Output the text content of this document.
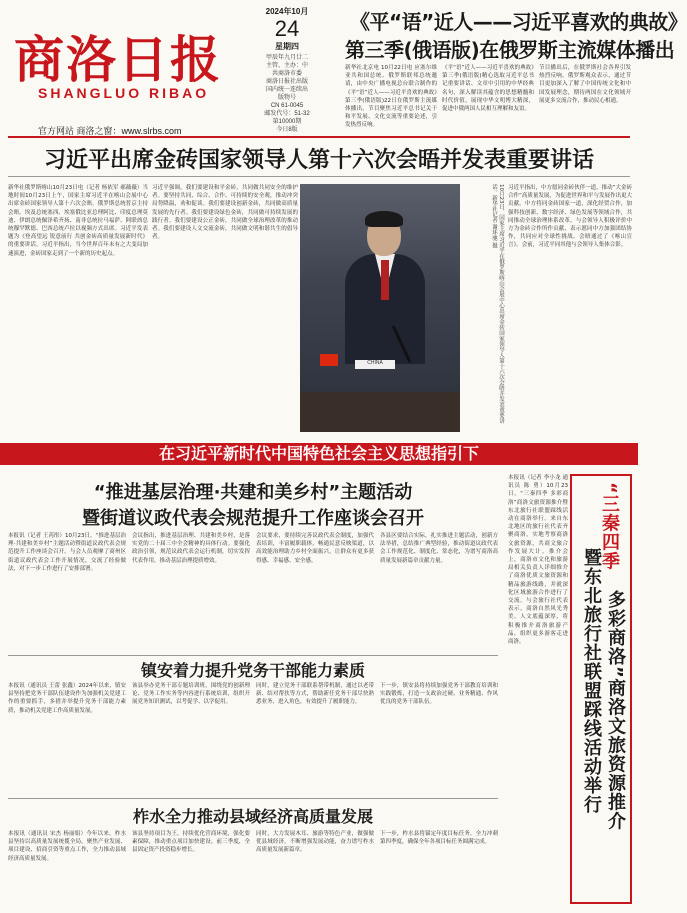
商洛日报
SHANGLUO RIBAO
官方网站 商洛之窗：www.slrbs.com
2024年10月
24
星期四
甲辰年九月廿二
主管、主办：中共商洛市委
商洛日报社出版
国内统一连续出版物号
CN 61-0045
邮发代号：51-32
第10000期
今日8版
《平“语”近人——习近平喜欢的典故》
第三季(俄语版)在俄罗斯主流媒体播出
新华社北京电 10月22日电 应塞尔维亚共和国总统、俄罗斯联邦总统邀请，由中央广播电视总台联合制作的《平“语”近人——习近平喜欢的典故》第三季(俄语版)22日在俄罗斯主流媒体播出，节目聚焦习近平总书记关于和平发展、文化交流等重要论述，引发热烈反响。
《平“语”近人——习近平喜欢的典故》第三季(俄语版)精心选取习近平总书记重要讲话、文章中引用的中华经典名句，深入解读其蕴含的思想精髓和时代价值，展现中华文明博大精深，促进中俄两国人民相互理解和友谊。
节目播出后，在俄罗斯社会各界引发热烈反响。俄罗斯观众表示，通过节目更加深入了解了中国传统文化和中国发展理念，期待两国在文化领域开展更多交流合作，推动民心相通。
习近平出席金砖国家领导人第十六次会晤并发表重要讲话
新华社俄罗斯喀山10月23日电（记者 杨依军 郝薇薇）当地时间10月23日上午，国家主席习近平在喀山会展中心出席金砖国家领导人第十六次会晤。俄罗斯总统普京主持会晤。埃及总统塞西、埃塞俄比亚总理阿比、印度总理莫迪、伊朗总统佩泽希齐扬、南非总统拉马福萨、阿联酋总统穆罕默德、巴西总统卢拉以视频方式出席。习近平发表题为《登高望远 锐意前行 共创金砖高质量发展新时代》的重要讲话。习近平指出，当今世界百年未有之大变局加速演进，金砖国家走到了一个新的历史起点。
习近平强调，我们要建设和平金砖，共同做共同安全的维护者。要坚持共同、综合、合作、可持续的安全观，推动冲突局势降温，劝和促谈。我们要建设创新金砖，共同做高质量发展的先行者。我们要建设绿色金砖，共同做可持续发展的践行者。我们要建设公正金砖，共同做全球治理改革的推动者。我们要建设人文交流金砖，共同做文明和谐共生的倡导者。
CHINA	10月23日，国家主席习近平在俄罗斯喀山会展中心出席金砖国家领导人第十六次会晤并发表重要讲话。新华社记者 谢环驰 摄	习近平指出，中方愿同金砖伙伴一道，推动“大金砖合作”高质量发展，为促进世界和平与发展作出更大贡献。中方将同金砖国家一道，深化经贸合作，加强科技创新、数字经济、绿色发展等领域合作，共同推动全球治理体系改革。与会领导人积极评价中方为金砖合作所作贡献，表示愿同中方加强团结协作，共同应对全球性挑战。会晤通过了《喀山宣言》。会前，习近平同其他与会领导人集体合影。
在习近平新时代中国特色社会主义思想指引下
“推进基层治理·共建和美乡村”主题活动
暨街道议政代表会规范提升工作座谈会召开
本报讯（记者 王芮彤）10月23日，“推进基层治理·共建和美乡村”主题活动暨街道议政代表会规范提升工作座谈会召开。与会人员观摩了商州区街道议政代表会工作开展情况，交流了经验做法，对下一步工作进行了安排部署。
会议指出，推进基层治理、共建和美乡村，是落实党的二十届三中全会精神的具体行动。要强化政治引领，规范议政代表会运行机制，切实发挥代表作用，推动基层治理提质增效。
会议要求，要持续完善议政代表会制度，加强代表培训，丰富履职载体，畅通民意反映渠道，以高效能治理助力乡村全面振兴，让群众有更多获得感、幸福感、安全感。
各县区要结合实际，扎实推进主题活动，创新方法举措，总结推广典型经验，推动街道议政代表会工作规范化、制度化、常态化，为谱写商洛高质量发展新篇章贡献力量。
镇安着力提升党务干部能力素质
本报讯（通讯员 王蕾 张鑫）2024年以来，镇安县坚持把党务干部队伍建设作为加强机关党建工作的重要抓手，多措并举提升党务干部能力素质，推动机关党建工作高质量发展。
该县举办党务干部专题培训班，围绕党的创新理论、党务工作实务等内容进行系统培训，组织开展党务知识测试，以考促学、以学促用。
同时，建立党务干部联系帮带机制，通过以老带新、结对帮扶等方式，帮助新任党务干部尽快熟悉业务、进入角色，有效提升了履职能力。
下一步，镇安县将持续加强党务干部教育培训和实践锻炼，打造一支政治过硬、业务精通、作风优良的党务干部队伍。
柞水全力推动县域经济高质量发展
本报讯（通讯员 宋杰 杨丽娟）今年以来，柞水县坚持以高质量发展统揽全局，聚焦产业发展、项目建设、招商引资等重点工作，全力推动县域经济高质量发展。
该县坚持项目为王，持续优化营商环境，强化要素保障，推动重点项目加快建设。前三季度，全县固定资产投资稳步增长。
同时，大力发展木耳、旅游等特色产业，做强做优县域经济，不断增强发展动能，奋力谱写柞水高质量发展新篇章。
下一步，柞水县将锚定年度目标任务，全力冲刺第四季度，确保全年各项目标任务圆满完成。
本报讯（记者 李小龙 通讯员 陈 勇）10月23日，“三秦四季 多彩商洛”商洛文旅资源推介暨东北旅行社联盟踩线活动在商洛举行。来自东北地区的旅行社代表齐聚商洛，实地考察商洛文旅资源，共商文旅合作发展大计。推介会上，商洛市文化和旅游局相关负责人详细推介了商洛优质文旅资源和精品旅游线路，并就深化区域旅游合作进行了交流。与会旅行社代表表示，商洛自然风光秀美、人文底蕴深厚，将积极推介商洛旅游产品，组织更多游客走进商洛。
“三秦四季
暨东北旅行社联盟踩线活动举行 多彩商洛”商洛文旅资源推介
